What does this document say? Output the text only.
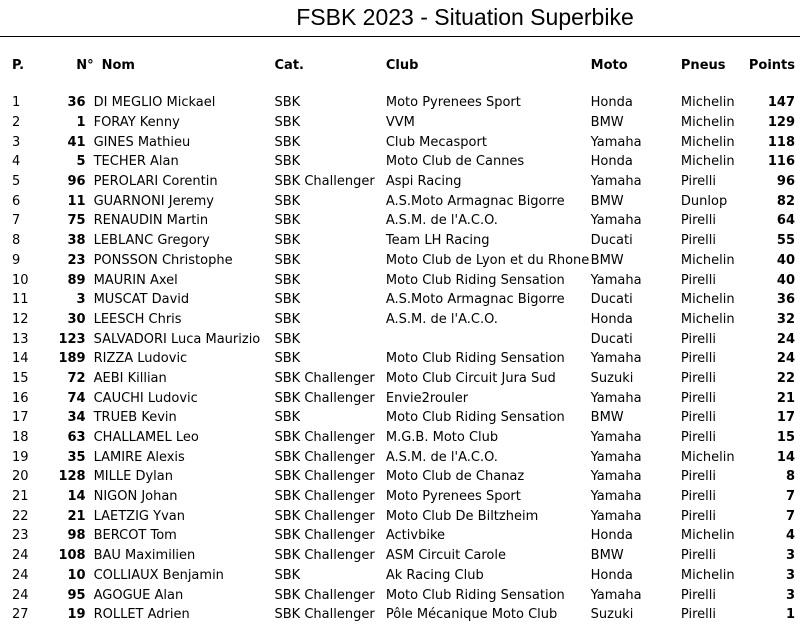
FSBK 2023 - Situation Superbike
P.	N°	Nom	Cat.	Club	Moto	Pneus	Points

1	36	DI MEGLIO Mickael	SBK	Moto Pyrenees Sport	Honda	Michelin	147
2	1	FORAY Kenny	SBK	VVM	BMW	Michelin	129
3	41	GINES Mathieu	SBK	Club Mecasport	Yamaha	Michelin	118
4	5	TECHER Alan	SBK	Moto Club de Cannes	Honda	Michelin	116
5	96	PEROLARI Corentin	SBK Challenger	Aspi Racing	Yamaha	Pirelli	96
6	11	GUARNONI Jeremy	SBK	A.S.Moto Armagnac Bigorre	BMW	Dunlop	82
7	75	RENAUDIN Martin	SBK	A.S.M. de l'A.C.O.	Yamaha	Pirelli	64
8	38	LEBLANC Gregory	SBK	Team LH Racing	Ducati	Pirelli	55
9	23	PONSSON Christophe	SBK	Moto Club de Lyon et du Rhone	BMW	Michelin	40
10	89	MAURIN Axel	SBK	Moto Club Riding Sensation	Yamaha	Pirelli	40
11	3	MUSCAT David	SBK	A.S.Moto Armagnac Bigorre	Ducati	Michelin	36
12	30	LEESCH Chris	SBK	A.S.M. de l'A.C.O.	Honda	Michelin	32
13	123	SALVADORI Luca Maurizio	SBK		Ducati	Pirelli	24
14	189	RIZZA Ludovic	SBK	Moto Club Riding Sensation	Yamaha	Pirelli	24
15	72	AEBI Killian	SBK Challenger	Moto Club Circuit Jura Sud	Suzuki	Pirelli	22
16	74	CAUCHI Ludovic	SBK Challenger	Envie2rouler	Yamaha	Pirelli	21
17	34	TRUEB Kevin	SBK	Moto Club Riding Sensation	BMW	Pirelli	17
18	63	CHALLAMEL Leo	SBK Challenger	M.G.B. Moto Club	Yamaha	Pirelli	15
19	35	LAMIRE Alexis	SBK Challenger	A.S.M. de l'A.C.O.	Yamaha	Michelin	14
20	128	MILLE Dylan	SBK Challenger	Moto Club de Chanaz	Yamaha	Pirelli	8
21	14	NIGON Johan	SBK Challenger	Moto Pyrenees Sport	Yamaha	Pirelli	7
22	21	LAETZIG Yvan	SBK Challenger	Moto Club De Biltzheim	Yamaha	Pirelli	7
23	98	BERCOT Tom	SBK Challenger	Activbike	Honda	Michelin	4
24	108	BAU Maximilien	SBK Challenger	ASM Circuit Carole	BMW	Pirelli	3
24	10	COLLIAUX Benjamin	SBK	Ak Racing Club	Honda	Michelin	3
24	95	AGOGUE Alan	SBK Challenger	Moto Club Riding Sensation	Yamaha	Pirelli	3
27	19	ROLLET Adrien	SBK Challenger	Pôle Mécanique Moto Club	Suzuki	Pirelli	1
